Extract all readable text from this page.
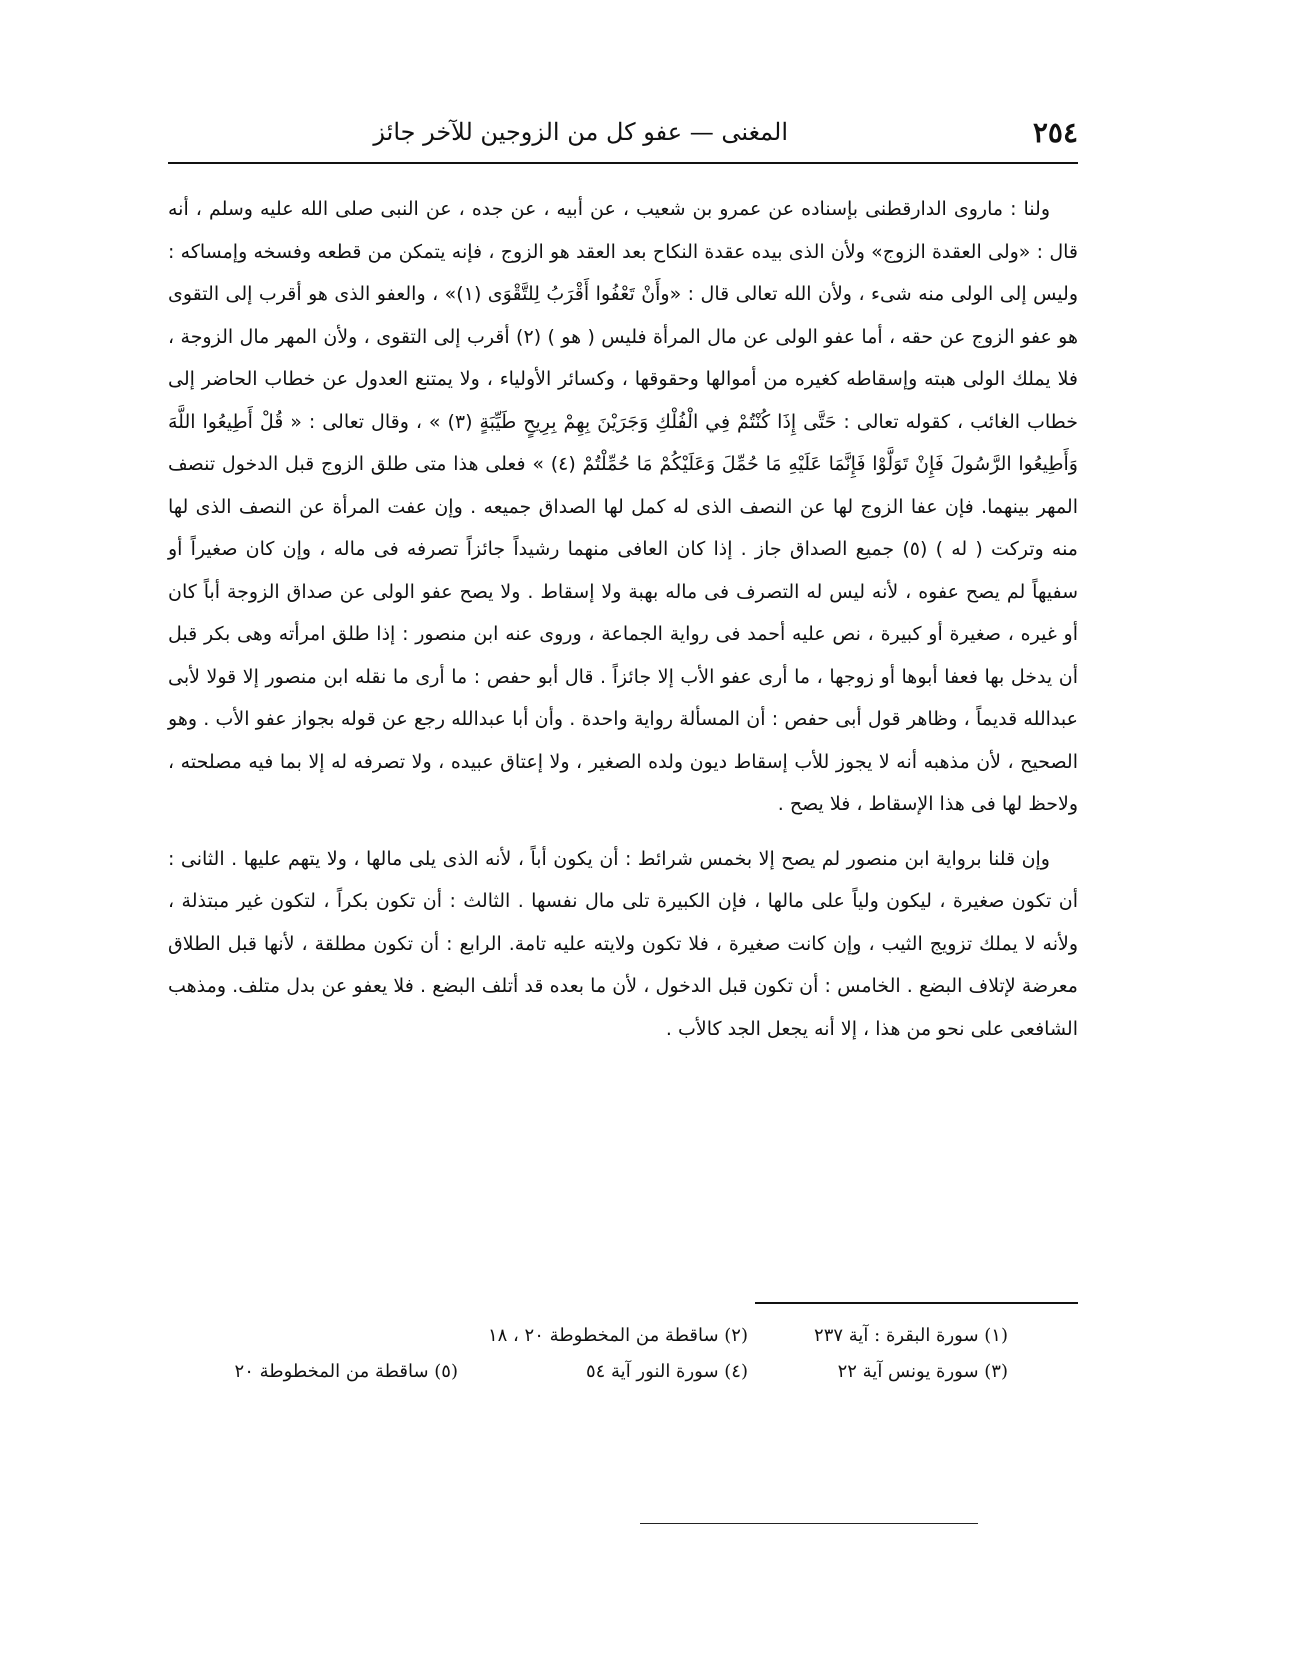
٢٥٤
المغنى — عفو كل من الزوجين للآخر جائز

ولنا : ماروى الدارقطنى بإسناده عن عمرو بن شعيب ، عن أبيه ، عن جده ، عن النبى صلى الله عليه وسلم ، أنه قال : «ولى العقدة الزوج» ولأن الذى بيده عقدة النكاح بعد العقد هو الزوج ، فإنه يتمكن من قطعه وفسخه وإمساكه : وليس إلى الولى منه شىء ، ولأن الله تعالى قال : «وأَنْ تَعْفُوا أَقْرَبُ لِلتَّقْوَى (١)» ، والعفو الذى هو أقرب إلى التقوى هو عفو الزوج عن حقه ، أما عفو الولى عن مال المرأة فليس ( هو ) (٢) أقرب إلى التقوى ، ولأن المهر مال الزوجة ، فلا يملك الولى هبته وإسقاطه كغيره من أموالها وحقوقها ، وكسائر الأولياء ، ولا يمتنع العدول عن خطاب الحاضر إلى خطاب الغائب ، كقوله تعالى : حَتَّى إِذَا كُنْتُمْ فِي الْفُلْكِ وَجَرَيْنَ بِهِمْ بِرِيحٍ طَيِّبَةٍ (٣) » ، وقال تعالى : « قُلْ أَطِيعُوا اللَّهَ وَأَطِيعُوا الرَّسُولَ فَإِنْ تَوَلَّوْا فَإِنَّمَا عَلَيْهِ مَا حُمِّلَ وَعَلَيْكُمْ مَا حُمِّلْتُمْ (٤) » فعلى هذا متى طلق الزوج قبل الدخول تنصف المهر بينهما. فإن عفا الزوج لها عن النصف الذى له كمل لها الصداق جميعه . وإن عفت المرأة عن النصف الذى لها منه وتركت ( له ) (٥) جميع الصداق جاز . إذا كان العافى منهما رشيداً جائزاً تصرفه فى ماله ، وإن كان صغيراً أو سفيهاً لم يصح عفوه ، لأنه ليس له التصرف فى ماله بهبة ولا إسقاط . ولا يصح عفو الولى عن صداق الزوجة أباً كان أو غيره ، صغيرة أو كبيرة ، نص عليه أحمد فى رواية الجماعة ، وروى عنه ابن منصور : إذا طلق امرأته وهى بكر قبل أن يدخل بها فعفا أبوها أو زوجها ، ما أرى عفو الأب إلا جائزاً . قال أبو حفص : ما أرى ما نقله ابن منصور إلا قولا لأبى عبدالله قديماً ، وظاهر قول أبى حفص : أن المسألة رواية واحدة . وأن أبا عبدالله رجع عن قوله بجواز عفو الأب . وهو الصحيح ، لأن مذهبه أنه لا يجوز للأب إسقاط ديون ولده الصغير ، ولا إعتاق عبيده ، ولا تصرفه له إلا بما فيه مصلحته ، ولاحظ لها فى هذا الإسقاط ، فلا يصح .

وإن قلنا برواية ابن منصور لم يصح إلا بخمس شرائط : أن يكون أباً ، لأنه الذى يلى مالها ، ولا يتهم عليها . الثانى : أن تكون صغيرة ، ليكون ولياً على مالها ، فإن الكبيرة تلى مال نفسها . الثالث : أن تكون بكراً ، لتكون غير مبتذلة ، ولأنه لا يملك تزويج الثيب ، وإن كانت صغيرة ، فلا تكون ولايته عليه تامة. الرابع : أن تكون مطلقة ، لأنها قبل الطلاق معرضة لإتلاف البضع . الخامس : أن تكون قبل الدخول ، لأن ما بعده قد أتلف البضع . فلا يعفو عن بدل متلف. ومذهب الشافعى على نحو من هذا ، إلا أنه يجعل الجد كالأب .

(١) سورة البقرة : آية ٢٣٧
(٢) ساقطة من المخطوطة ٢٠ ، ١٨
(٣) سورة يونس آية ٢٢
(٤) سورة النور آية ٥٤
(٥) ساقطة من المخطوطة ٢٠
